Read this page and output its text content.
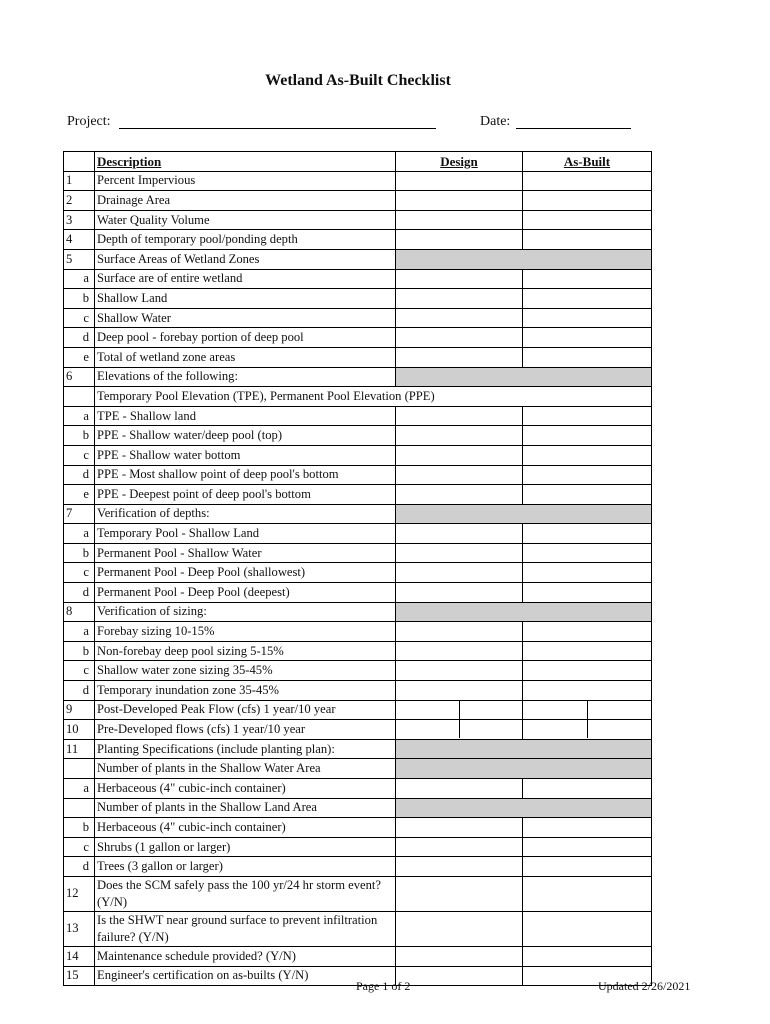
Wetland As-Built Checklist
Project:	Date:
	Description	Design	As-Built
1	Percent Impervious		
2	Drainage Area		
3	Water Quality Volume		
4	Depth of temporary pool/ponding depth		
5	Surface Areas of Wetland Zones		
a	Surface are of entire wetland		
b	Shallow Land		
c	Shallow Water		
d	Deep pool - forebay portion of deep pool		
e	Total of wetland zone areas		
6	Elevations of the following:		
	Temporary Pool Elevation (TPE), Permanent Pool Elevation (PPE)		
a	TPE - Shallow land		
b	PPE - Shallow water/deep pool (top)		
c	PPE - Shallow water bottom		
d	PPE - Most shallow point of deep pool's bottom		
e	PPE - Deepest point of deep pool's bottom		
7	Verification of depths:		
a	Temporary Pool - Shallow Land		
b	Permanent Pool - Shallow Water		
c	Permanent Pool - Deep Pool (shallowest)		
d	Permanent Pool - Deep Pool (deepest)		
8	Verification of sizing:		
a	Forebay sizing 10-15%		
b	Non-forebay deep pool sizing 5-15%		
c	Shallow water zone sizing 35-45%		
d	Temporary inundation zone 35-45%		
9	Post-Developed Peak Flow (cfs) 1 year/10 year	

10	Pre-Developed flows (cfs) 1 year/10 year	

11	Planting Specifications (include planting plan):		
	Number of plants in the Shallow Water Area		
a	Herbaceous (4" cubic-inch container)		
	Number of plants in the Shallow Land Area		
b	Herbaceous (4" cubic-inch container)		
c	Shrubs (1 gallon or larger)		
d	Trees (3 gallon or larger)		
12	Does the SCM safely pass the 100 yr/24 hr storm event? (Y/N)		
13	Is the SHWT near ground surface to prevent infiltration failure? (Y/N)		
14	Maintenance schedule provided? (Y/N)		
15	Engineer's certification on as-builts (Y/N)		
Page 1 of 2	Updated 2/26/2021
